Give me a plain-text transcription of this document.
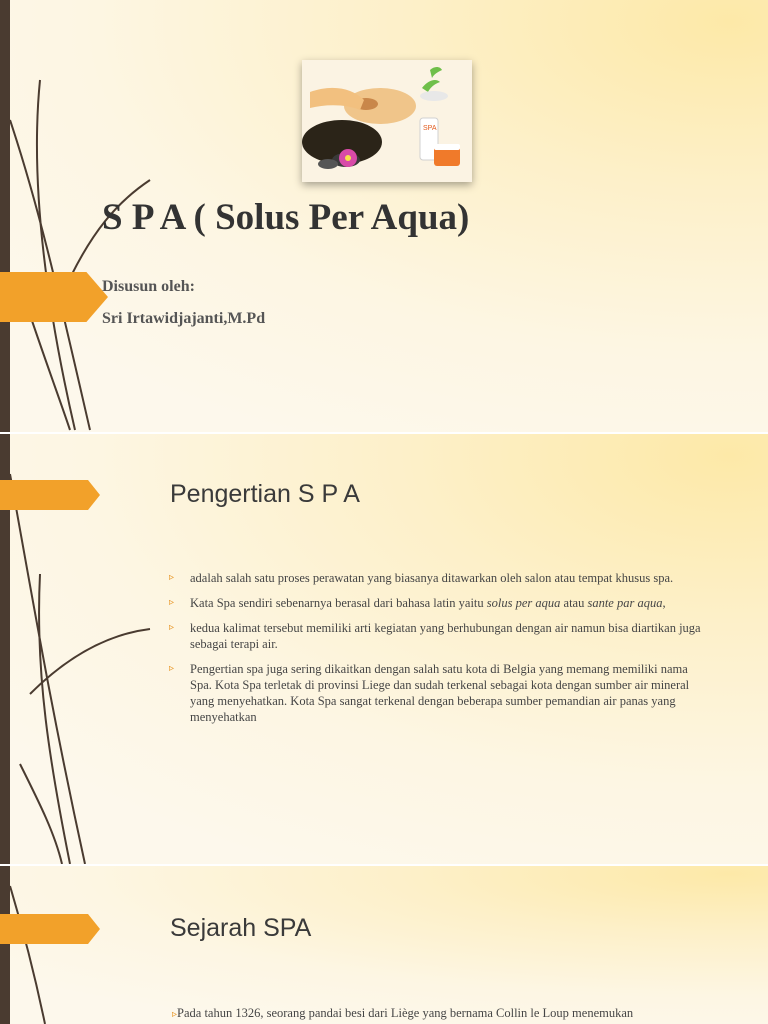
SPA
S P A ( Solus Per Aqua)

Disusun oleh:

Sri Irtawidjajanti,M.Pd

Pengertian S P A
▹ adalah salah satu proses perawatan yang biasanya ditawarkan oleh salon atau tempat khusus spa.
▹ Kata Spa sendiri sebenarnya berasal dari bahasa latin yaitu solus per aqua atau sante par aqua,
▹ kedua kalimat tersebut memiliki arti kegiatan yang berhubungan dengan air namun bisa diartikan juga sebagai terapi air.
▹ Pengertian spa juga sering dikaitkan dengan salah satu kota di Belgia yang memang memiliki nama Spa. Kota Spa terletak di provinsi Liege dan sudah terkenal sebagai kota dengan sumber air mineral yang menyehatkan. Kota Spa sangat terkenal dengan beberapa sumber pemandian air panas yang menyehatkan
Sejarah SPA
▹Pada tahun 1326, seorang pandai besi dari Liège yang bernama Collin le Loup menemukan
